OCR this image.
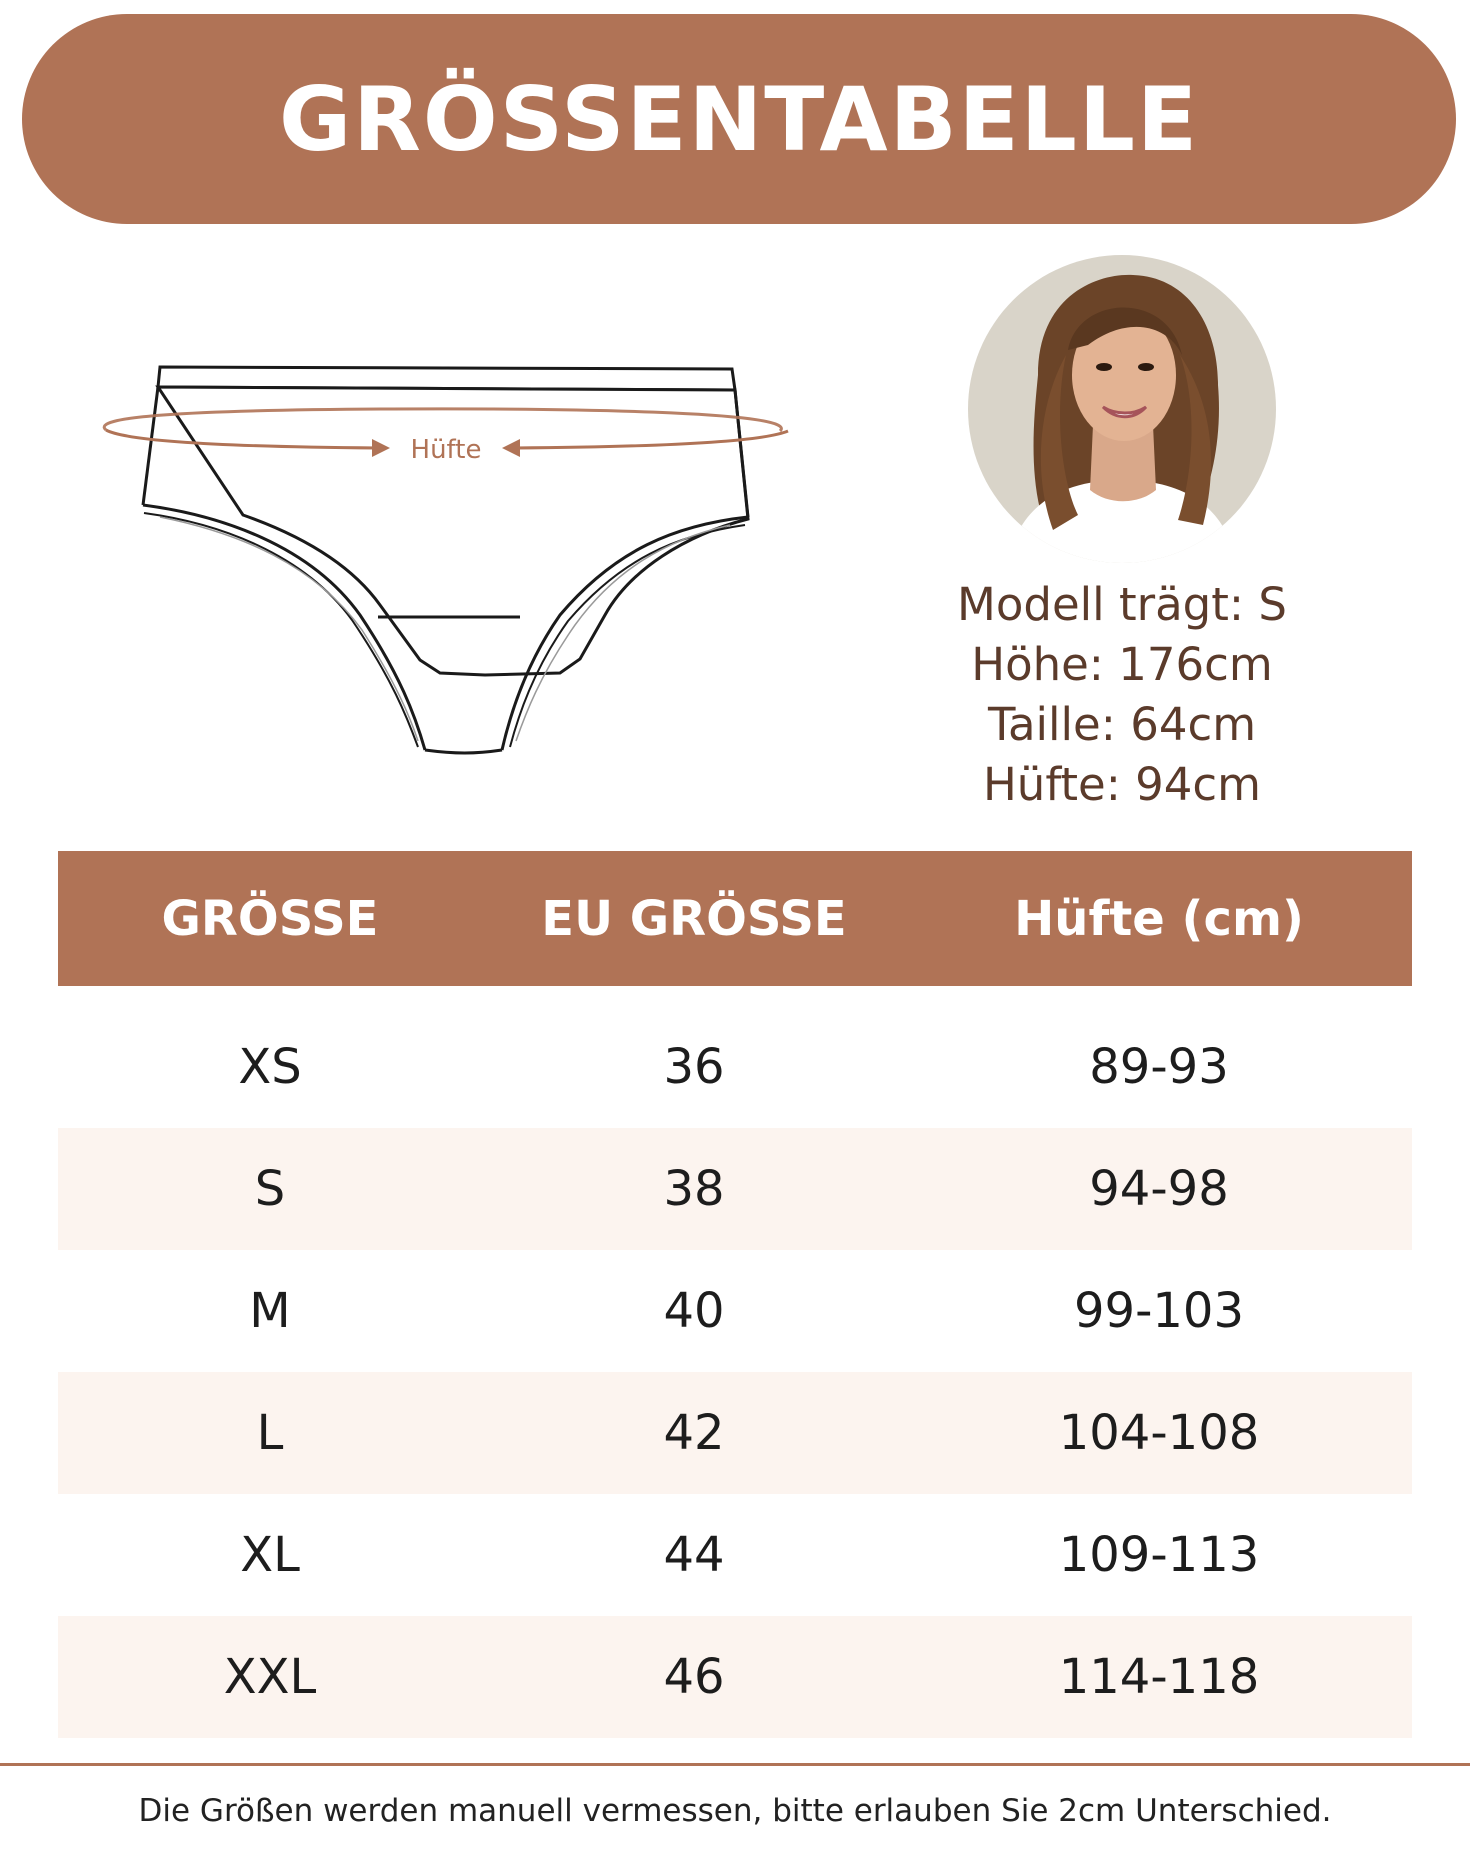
GRÖSSENTABELLE
Hüfte
Modell trägt: S
Höhe: 176cm
Taille: 64cm
Hüfte: 94cm
GRÖSSE	EU GRÖSSE	Hüfte (cm)
XS	36	89-93
S	38	94-98
M	40	99-103
L	42	104-108
XL	44	109-113
XXL	46	114-118
Die Größen werden manuell vermessen, bitte erlauben Sie 2cm Unterschied.
